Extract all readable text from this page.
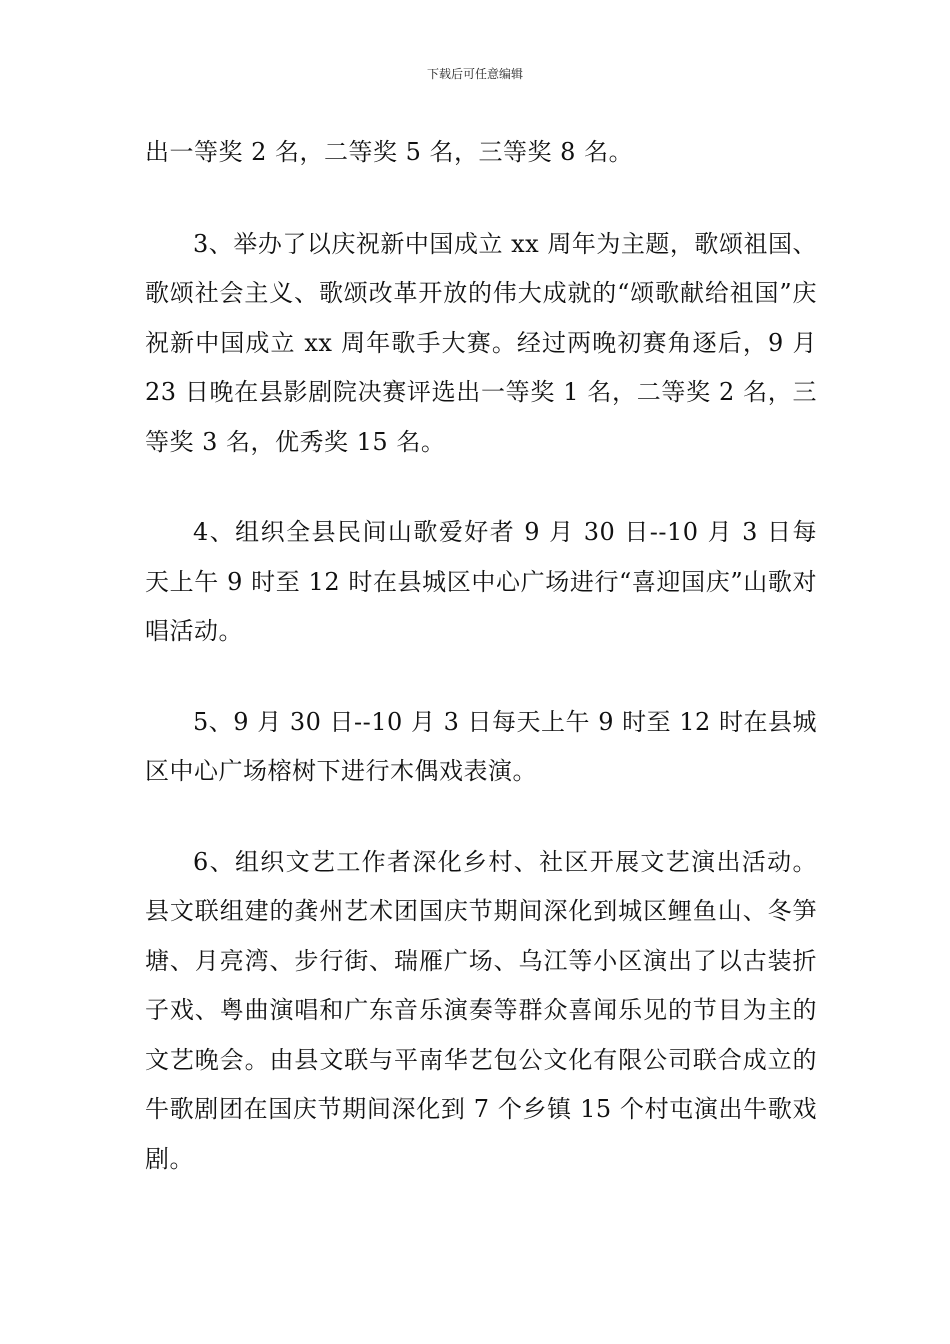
下载后可任意编辑

出一等奖 2 名，二等奖 5 名，三等奖 8 名。

3、举办了以庆祝新中国成立 xx 周年为主题，歌颂祖国、歌颂社会主义、歌颂改革开放的伟大成就的“颂歌献给祖国”庆祝新中国成立 xx 周年歌手大赛。经过两晚初赛角逐后，9 月 23 日晚在县影剧院决赛评选出一等奖 1 名，二等奖 2 名，三等奖 3 名，优秀奖 15 名。

4、组织全县民间山歌爱好者 9 月 30 日--10 月 3 日每天上午 9 时至 12 时在县城区中心广场进行“喜迎国庆”山歌对唱活动。

5、9 月 30 日--10 月 3 日每天上午 9 时至 12 时在县城区中心广场榕树下进行木偶戏表演。

6、组织文艺工作者深化乡村、社区开展文艺演出活动。县文联组建的龚州艺术团国庆节期间深化到城区鲤鱼山、冬笋塘、月亮湾、步行街、瑞雁广场、乌江等小区演出了以古装折子戏、粤曲演唱和广东音乐演奏等群众喜闻乐见的节目为主的文艺晚会。由县文联与平南华艺包公文化有限公司联合成立的牛歌剧团在国庆节期间深化到 7 个乡镇 15 个村屯演出牛歌戏剧。
